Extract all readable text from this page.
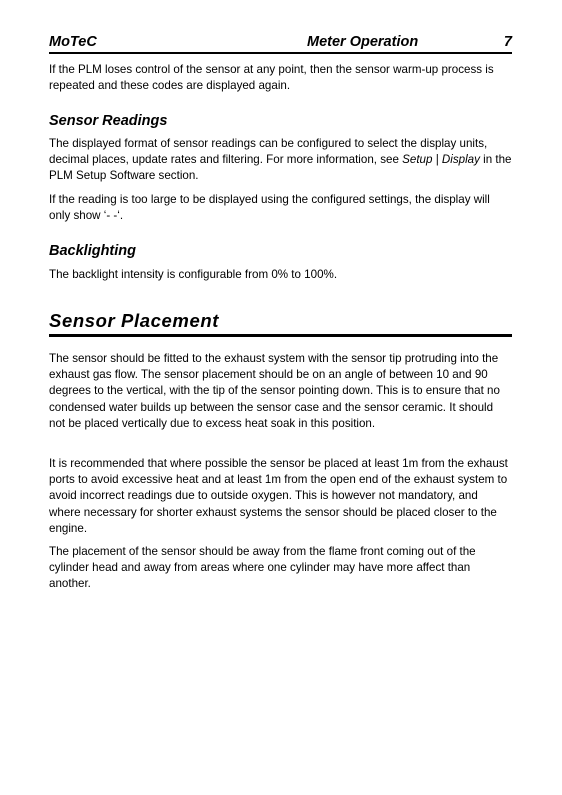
MoTeC	Meter Operation	7

If the PLM loses control of the sensor at any point, then the sensor warm-up process is repeated and these codes are displayed again.

Sensor Readings

The displayed format of sensor readings can be configured to select the display units, decimal places, update rates and filtering. For more information, see Setup | Display in the PLM Setup Software section.

If the reading is too large to be displayed using the configured settings, the display will only show ‘- -‘.

Backlighting

The backlight intensity is configurable from 0% to 100%.

Sensor Placement

The sensor should be fitted to the exhaust system with the sensor tip protruding into the exhaust gas flow. The sensor placement should be on an angle of between 10 and 90 degrees to the vertical, with the tip of the sensor pointing down. This is to ensure that no condensed water builds up between the sensor case and the sensor ceramic. It should not be placed vertically due to excess heat soak in this position.

It is recommended that where possible the sensor be placed at least 1m from the exhaust ports to avoid excessive heat and at least 1m from the open end of the exhaust system to avoid incorrect readings due to outside oxygen. This is however not mandatory, and where necessary for shorter exhaust systems the sensor should be placed closer to the engine.

The placement of the sensor should be away from the flame front coming out of the cylinder head and away from areas where one cylinder may have more affect than another.
